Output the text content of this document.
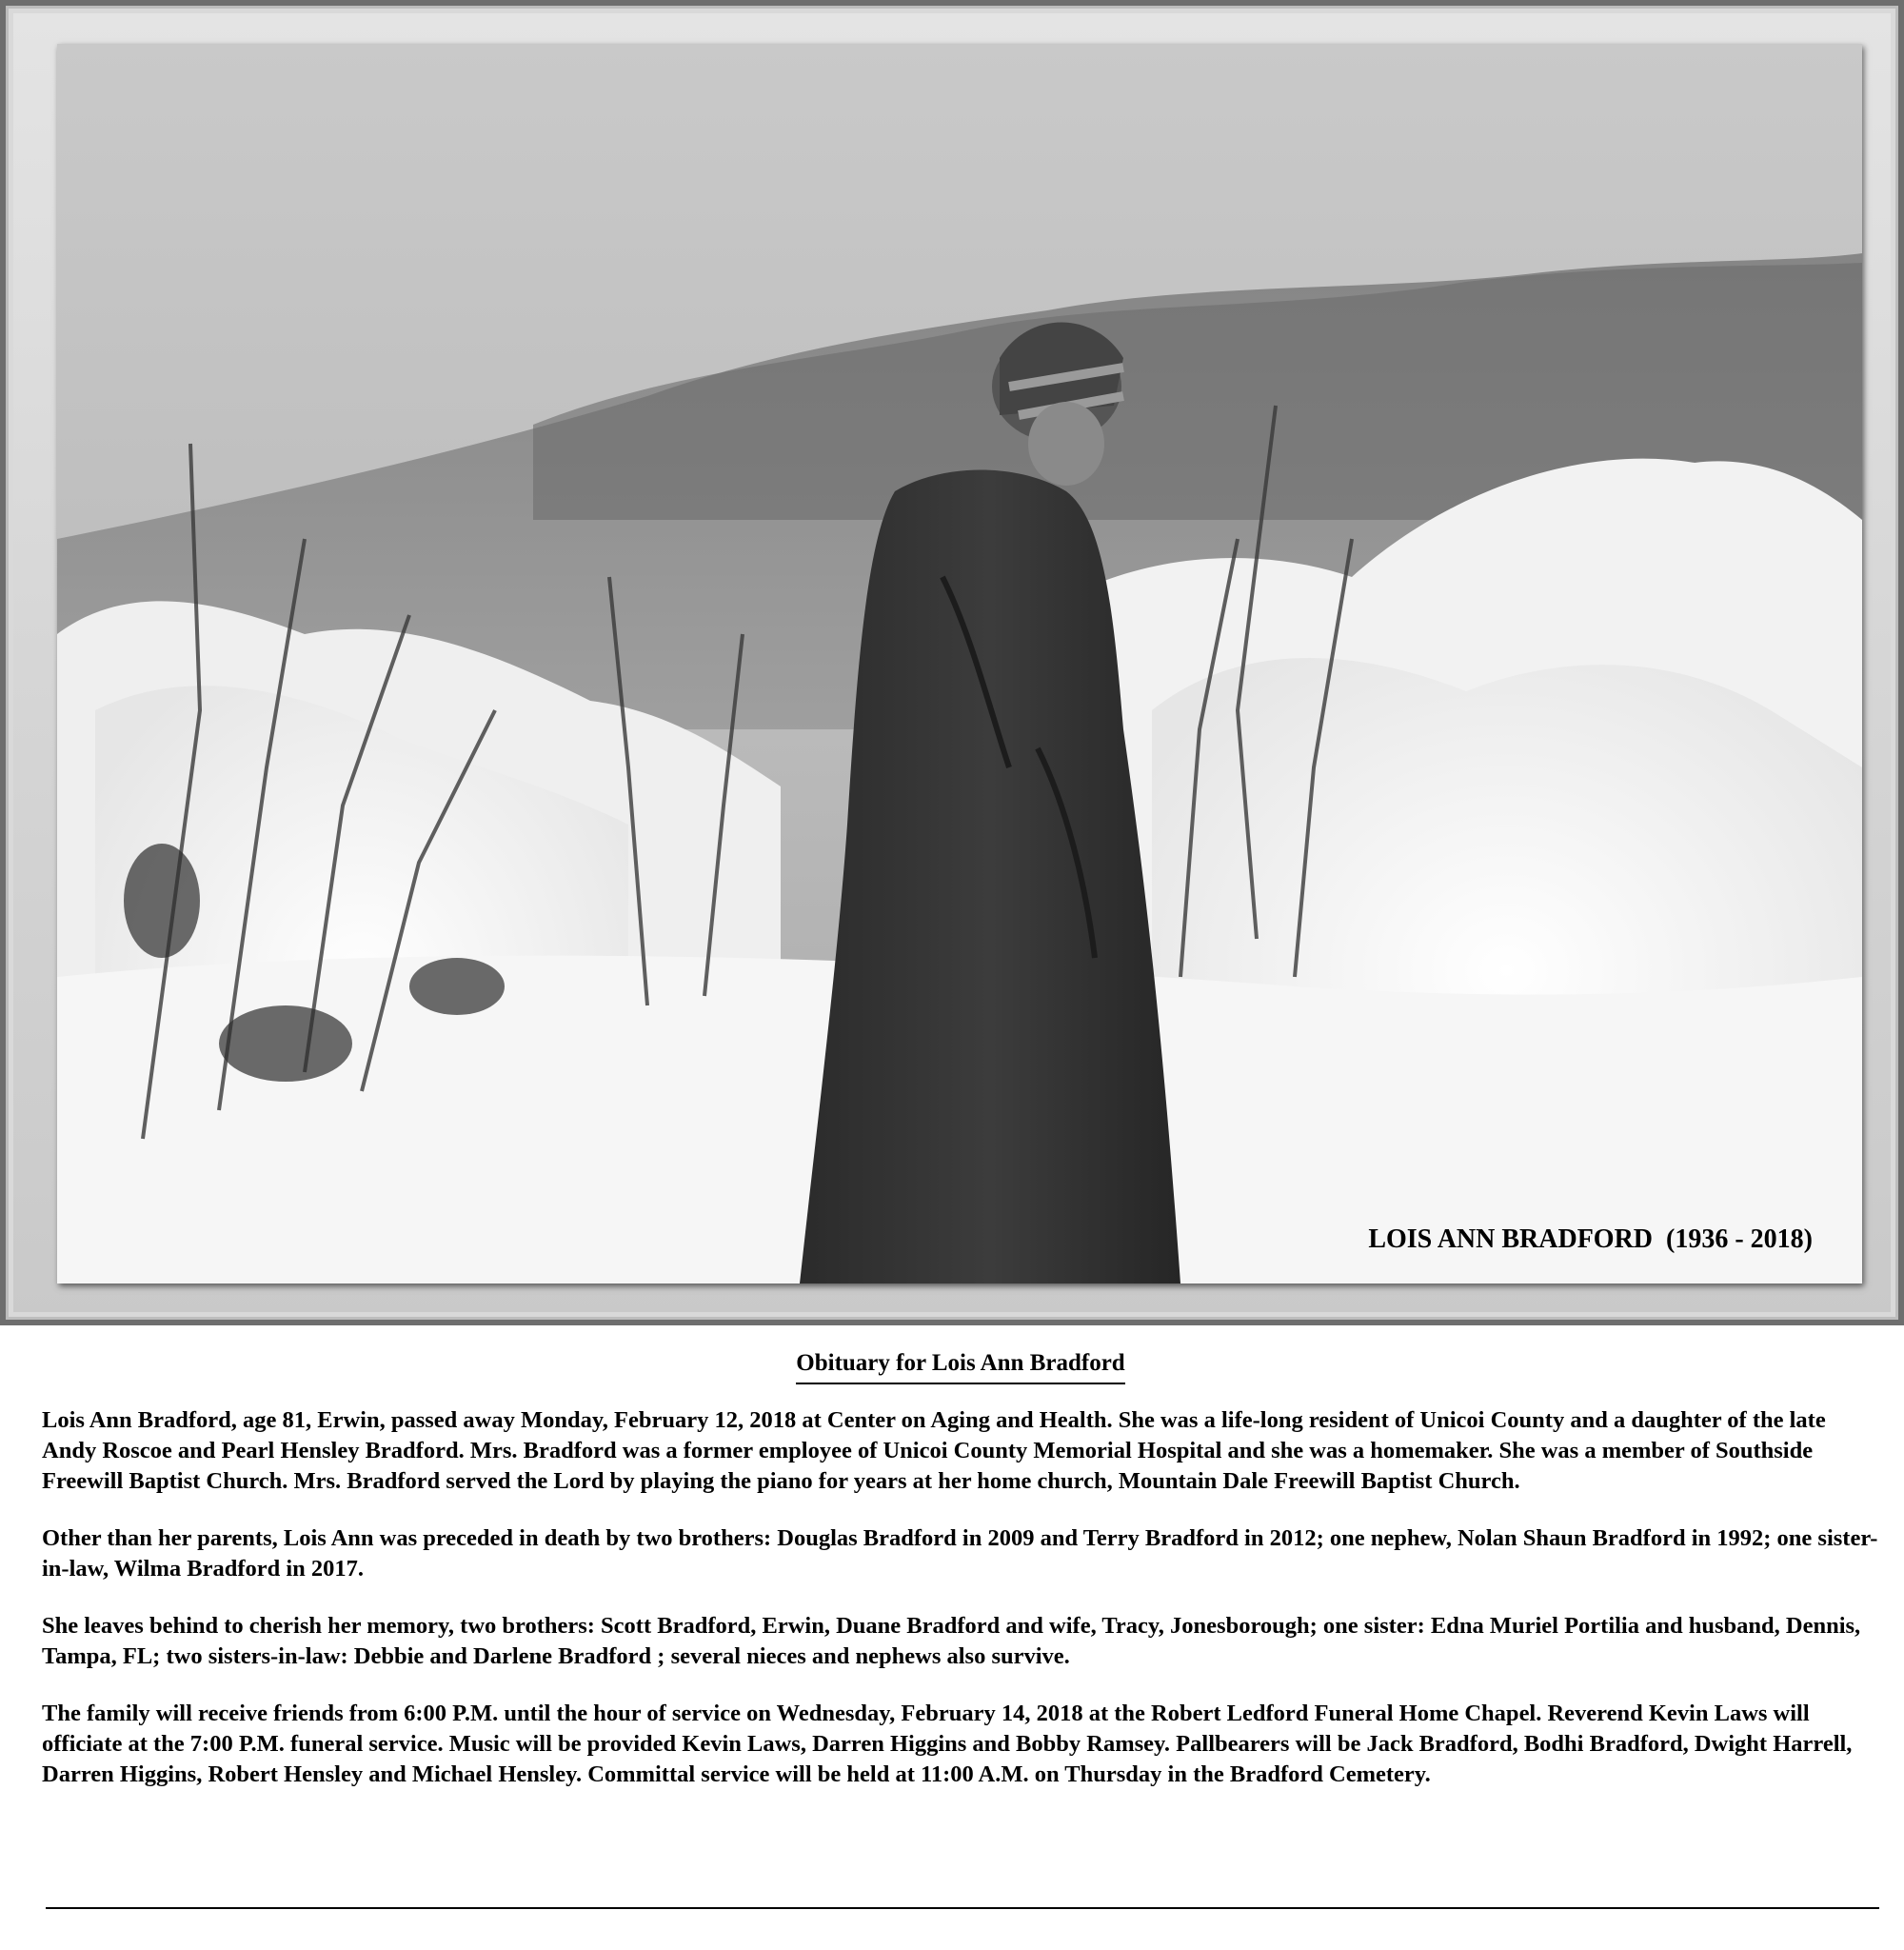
LOIS ANN BRADFORD  (1936 - 2018)
Obituary for Lois Ann Bradford

Lois Ann Bradford, age 81, Erwin, passed away Monday, February 12, 2018 at Center on Aging and Health. She was a life-long resident of Unicoi County and a daughter of the late Andy Roscoe and Pearl Hensley Bradford. Mrs. Bradford was a former employee of Unicoi County Memorial Hospital and she was a homemaker. She was a member of Southside Freewill Baptist Church. Mrs. Bradford served the Lord by playing the piano for years at her home church, Mountain Dale Freewill Baptist Church.

Other than her parents, Lois Ann was preceded in death by two brothers: Douglas Bradford in 2009 and Terry Bradford in 2012; one nephew, Nolan Shaun Bradford in 1992; one sister-in-law, Wilma Bradford in 2017.

She leaves behind to cherish her memory, two brothers: Scott Bradford, Erwin, Duane Bradford and wife, Tracy, Jonesborough; one sister: Edna Muriel Portilia and husband, Dennis, Tampa, FL; two sisters-in-law: Debbie and Darlene Bradford ; several nieces and nephews also survive.

The family will receive friends from 6:00 P.M. until the hour of service on Wednesday, February 14, 2018 at the Robert Ledford Funeral Home Chapel. Reverend Kevin Laws will officiate at the 7:00 P.M. funeral service. Music will be provided Kevin Laws, Darren Higgins and Bobby Ramsey. Pallbearers will be Jack Bradford, Bodhi Bradford, Dwight Harrell, Darren Higgins, Robert Hensley and Michael Hensley. Committal service will be held at 11:00 A.M. on Thursday in the Bradford Cemetery.
